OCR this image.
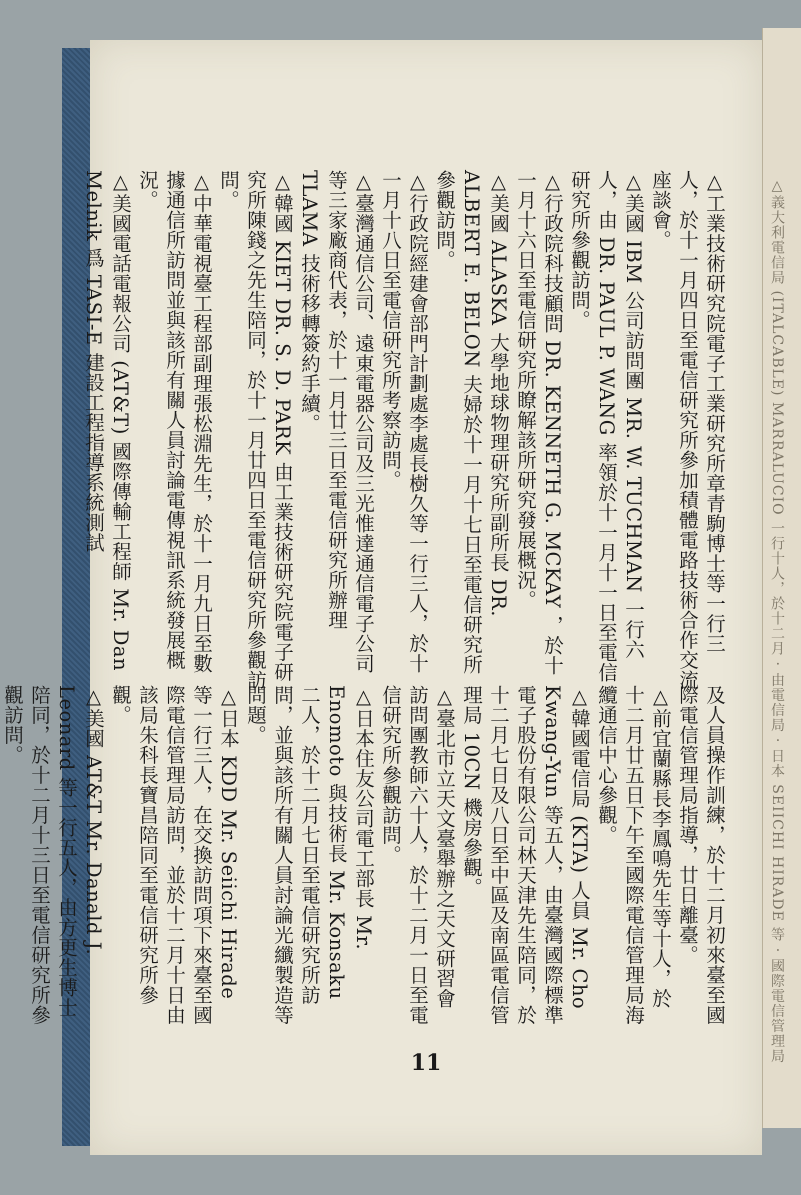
△義大利電信局 (ITALCABLE) MARRALUCIO 一行十人，於十二月 · 由電信局 · 日本 SEIICHI HIRADE 等 · 國際電信管理局

△工業技術研究院電子工業研究所章青駒博士等一行三人，於十一月四日至電信研究所參加積體電路技術合作交流座談會。

△美國 IBM 公司訪問團 MR. W. TUCHMAN 一行六人，由 DR. PAUL P. WANG 率領於十一月十一日至電信研究所參觀訪問。

△行政院科技顧問 DR. KENNETH G. MCKAY ，於十一月十六日至電信研究所瞭解該所研究發展概況。

△美國 ALASKA 大學地球物理研究所副所長 DR. ALBERT E. BELON 夫婦於十一月十七日至電信研究所參觀訪問。

△行政院經建會部門計劃處李處長樹久等一行三人，於十一月十八日至電信研究所考察訪問。

△臺灣通信公司、遠東電器公司及三光惟達通信電子公司等三家廠商代表，於十一月廿三日至電信研究所辦理 TLAMA 技術移轉簽約手續。

△韓國 KIET DR. S. D. PARK 由工業技術研究院電子研究所陳錢之先生陪同，於十一月廿四日至電信研究所參觀訪問。

△中華電視臺工程部副理張松淵先生，於十一月九日至數據通信所訪問並與該所有關人員討論電傳視訊系統發展概況。

△美國電話電報公司 (AT&T) 國際傳輸工程師 Mr. Dan Melnik 爲 TASI-E 建設工程指導系統測試

及人員操作訓練，於十二月初來臺至國際電信管理局指導，廿日離臺。

△前宜蘭縣長李鳳鳴先生等十人，於十二月廿五日下午至國際電信管理局海纜通信中心參觀。

△韓國電信局 (KTA) 人員 Mr. Cho Kwang-Yun 等五人，由臺灣國際標準電子股份有限公司林天津先生陪同，於十二月七日及八日至中區及南區電信管理局 10CN 機房參觀。

△臺北市立天文臺舉辦之天文研習會訪問團教師六十人，於十二月一日至電信研究所參觀訪問。

△日本住友公司電工部長 Mr. Enomoto 與技術長 Mr. Konsaku 二人，於十二月七日至電信研究所訪問，並與該所有關人員討論光纖製造等問題。

△日本 KDD Mr. Seiichi Hirade 等一行三人，在交換訪問項下來臺至國際電信管理局訪問，並於十二月十日由該局朱科長寶昌陪同至電信研究所參觀。

△美國 AT&T Mr. Danald J. Leonard 等一行五人，由方更生博士陪同，於十二月十三日至電信研究所參觀訪問。

11
